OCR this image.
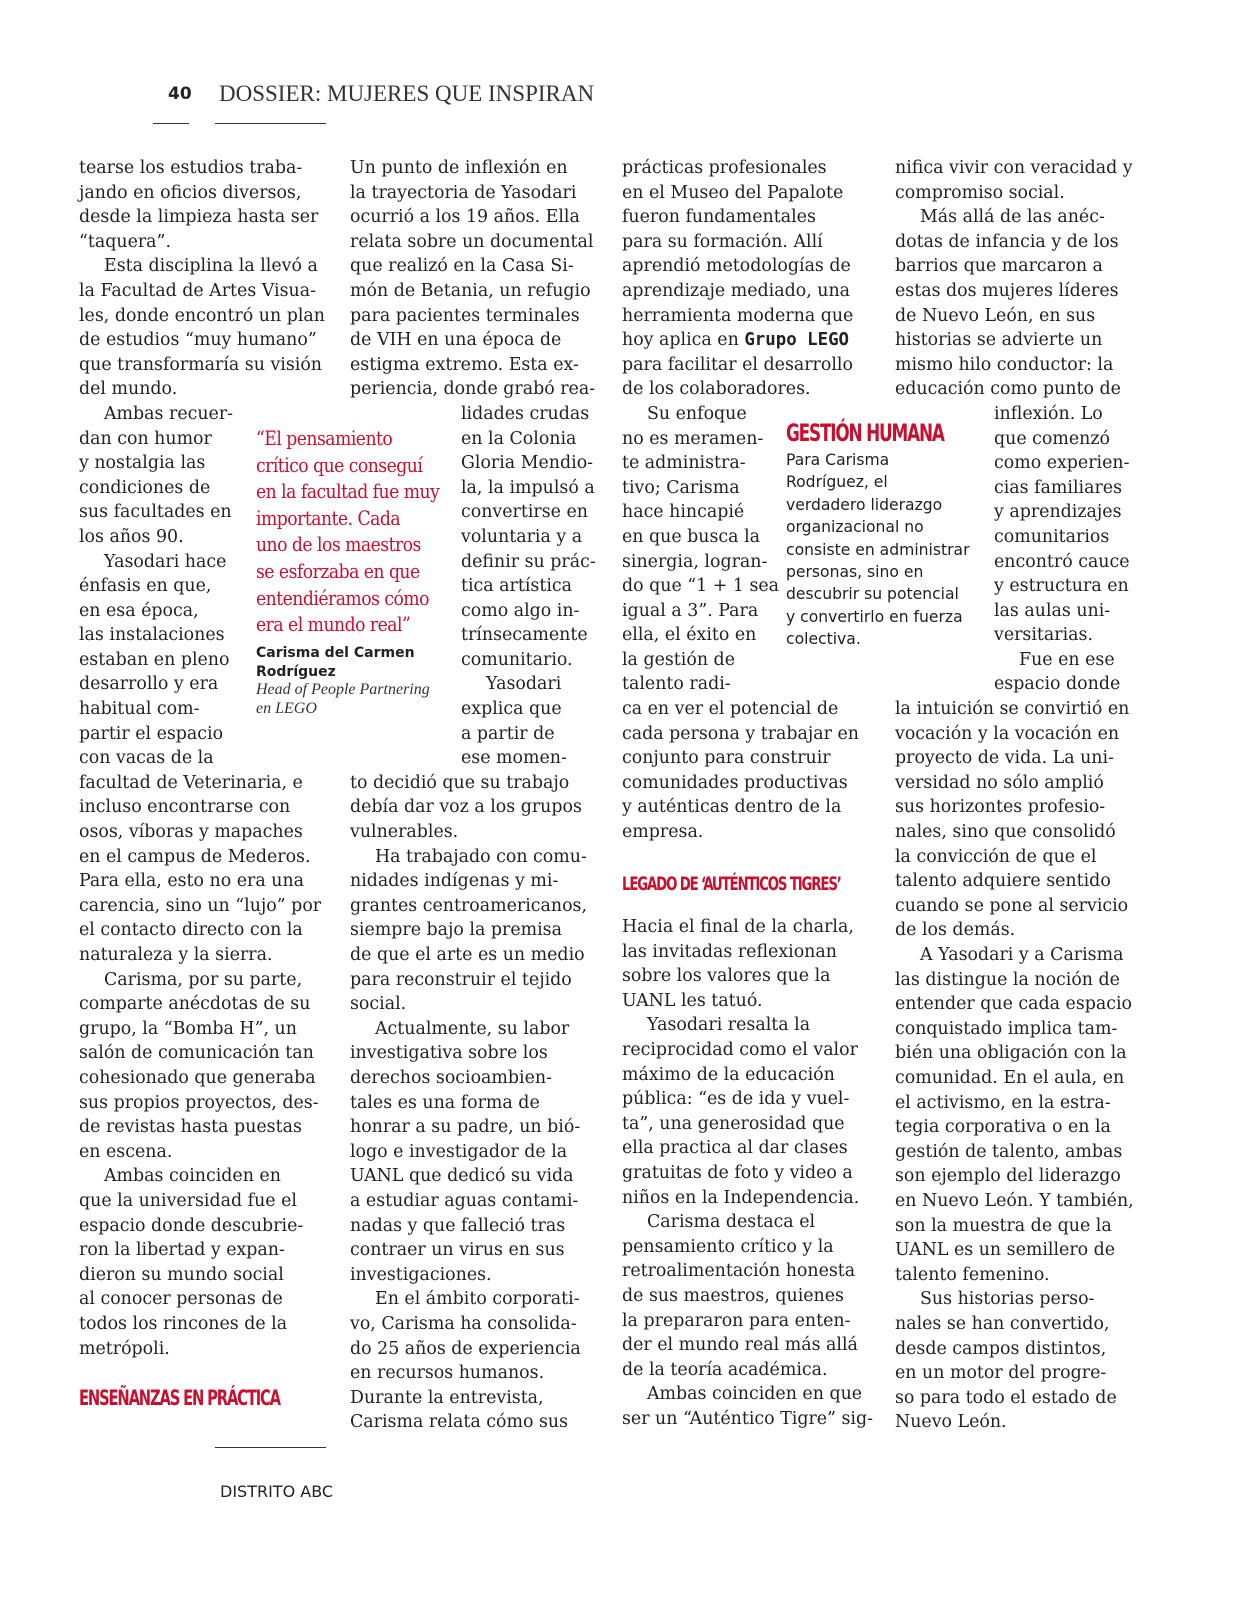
40 DOSSIER: MUJERES QUE INSPIRAN
tearse los estudios traba-
jando en oficios diversos,
desde la limpieza hasta ser
“taquera”.
Esta disciplina la llevó a
la Facultad de Artes Visua-
les, donde encontró un plan
de estudios “muy humano”
que transformaría su visión
del mundo.
Ambas recuer-
dan con humor
y nostalgia las
condiciones de
sus facultades en
los años 90.
Yasodari hace
énfasis en que,
en esa época,
las instalaciones
estaban en pleno
desarrollo y era
habitual com-
partir el espacio
con vacas de la
facultad de Veterinaria, e
incluso encontrarse con
osos, víboras y mapaches
en el campus de Mederos.
Para ella, esto no era una
carencia, sino un “lujo” por
el contacto directo con la
naturaleza y la sierra.
Carisma, por su parte,
comparte anécdotas de su
grupo, la “Bomba H”, un
salón de comunicación tan
cohesionado que generaba
sus propios proyectos, des-
de revistas hasta puestas
en escena.
Ambas coinciden en
que la universidad fue el
espacio donde descubrie-
ron la libertad y expan-
dieron su mundo social
al conocer personas de
todos los rincones de la
metrópoli.
ENSEÑANZAS EN PRÁCTICA
Un punto de inflexión en
la trayectoria de Yasodari
ocurrió a los 19 años. Ella
relata sobre un documental
que realizó en la Casa Si-
món de Betania, un refugio
para pacientes terminales
de VIH en una época de
estigma extremo. Esta ex-
periencia, donde grabó rea-
lidades crudas
en la Colonia
Gloria Mendio-
la, la impulsó a
convertirse en
voluntaria y a
definir su prác-
tica artística
como algo in-
trínsecamente
comunitario.
Yasodari
explica que
a partir de
ese momen-
to decidió que su trabajo
debía dar voz a los grupos
vulnerables.
Ha trabajado con comu-
nidades indígenas y mi-
grantes centroamericanos,
siempre bajo la premisa
de que el arte es un medio
para reconstruir el tejido
social.
Actualmente, su labor
investigativa sobre los
derechos socioambien-
tales es una forma de
honrar a su padre, un bió-
logo e investigador de la
UANL que dedicó su vida
a estudiar aguas contami-
nadas y que falleció tras
contraer un virus en sus
investigaciones.
En el ámbito corporati-
vo, Carisma ha consolida-
do 25 años de experiencia
en recursos humanos.
Durante la entrevista,
Carisma relata cómo sus
prácticas profesionales
en el Museo del Papalote
fueron fundamentales
para su formación. Allí
aprendió metodologías de
aprendizaje mediado, una
herramienta moderna que
hoy aplica en Grupo LEGO
para facilitar el desarrollo
de los colaboradores.
Su enfoque
no es meramen-
te administra-
tivo; Carisma
hace hincapié
en que busca la
sinergia, logran-
do que “1 + 1 sea
igual a 3”. Para
ella, el éxito en
la gestión de
talento radi-
ca en ver el potencial de
cada persona y trabajar en
conjunto para construir
comunidades productivas
y auténticas dentro de la
empresa.
LEGADO DE ‘AUTÉNTICOS TIGRES’
Hacia el final de la charla,
las invitadas reflexionan
sobre los valores que la
UANL les tatuó.
Yasodari resalta la
reciprocidad como el valor
máximo de la educación
pública: “es de ida y vuel-
ta”, una generosidad que
ella practica al dar clases
gratuitas de foto y video a
niños en la Independencia.
Carisma destaca el
pensamiento crítico y la
retroalimentación honesta
de sus maestros, quienes
la prepararon para enten-
der el mundo real más allá
de la teoría académica.
Ambas coinciden en que
ser un “Auténtico Tigre” sig-
nifica vivir con veracidad y
compromiso social.
Más allá de las anéc-
dotas de infancia y de los
barrios que marcaron a
estas dos mujeres líderes
de Nuevo León, en sus
historias se advierte un
mismo hilo conductor: la
educación como punto de
inflexión. Lo
que comenzó
como experien-
cias familiares
y aprendizajes
comunitarios
encontró cauce
y estructura en
las aulas uni-
versitarias.
Fue en ese
espacio donde
la intuición se convirtió en
vocación y la vocación en
proyecto de vida. La uni-
versidad no sólo amplió
sus horizontes profesio-
nales, sino que consolidó
la convicción de que el
talento adquiere sentido
cuando se pone al servicio
de los demás.
A Yasodari y a Carisma
las distingue la noción de
entender que cada espacio
conquistado implica tam-
bién una obligación con la
comunidad. En el aula, en
el activismo, en la estra-
tegia corporativa o en la
gestión de talento, ambas
son ejemplo del liderazgo
en Nuevo León. Y también,
son la muestra de que la
UANL es un semillero de
talento femenino.
Sus historias perso-
nales se han convertido,
desde campos distintos,
en un motor del progre-
so para todo el estado de
Nuevo León.
“El pensamiento
crítico que conseguí
en la facultad fue muy
importante. Cada
uno de los maestros
se esforzaba en que
entendiéramos cómo
era el mundo real”
Carisma del Carmen
Rodríguez
Head of People Partnering
en LEGO
GESTIÓN HUMANA
Para Carisma
Rodríguez, el
verdadero liderazgo
organizacional no
consiste en administrar
personas, sino en
descubrir su potencial
y convertirlo en fuerza
colectiva.
DISTRITO ABC
